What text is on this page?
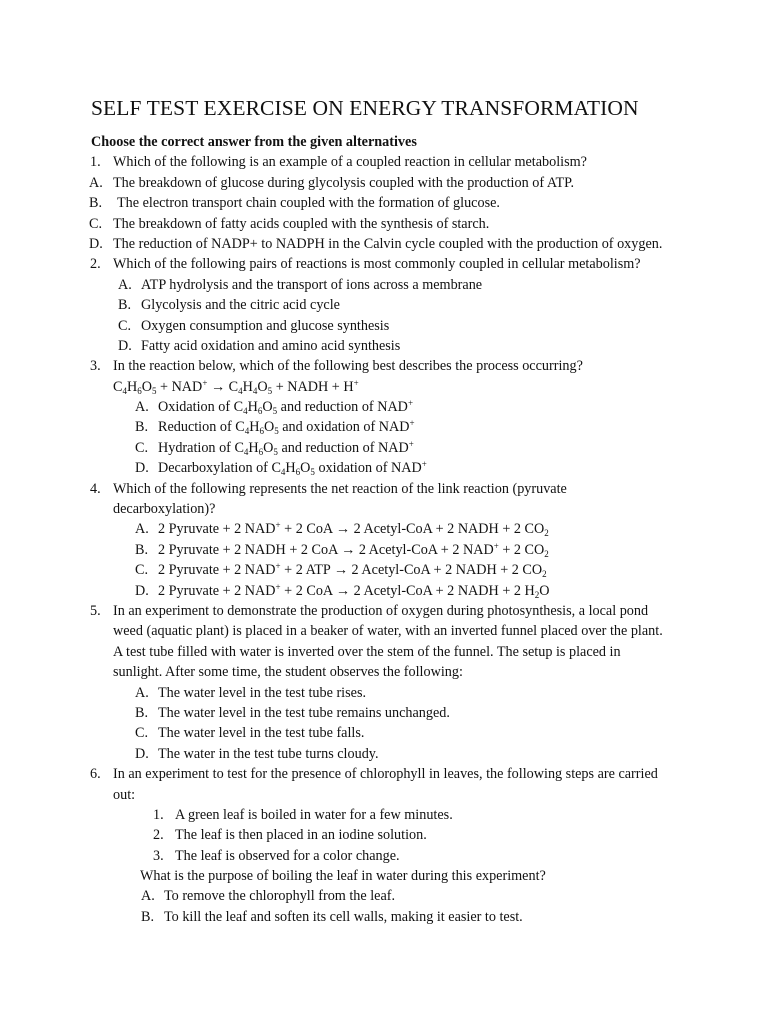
SELF TEST EXERCISE ON ENERGY TRANSFORMATION
Choose the correct answer from the given alternatives
1. Which of the following is an example of a coupled reaction in cellular metabolism?
A. The breakdown of glucose during glycolysis coupled with the production of ATP.
B. The electron transport chain coupled with the formation of glucose.
C. The breakdown of fatty acids coupled with the synthesis of starch.
D. The reduction of NADP+ to NADPH in the Calvin cycle coupled with the production of oxygen.
2. Which of the following pairs of reactions is most commonly coupled in cellular metabolism?
A. ATP hydrolysis and the transport of ions across a membrane
B. Glycolysis and the citric acid cycle
C. Oxygen consumption and glucose synthesis
D. Fatty acid oxidation and amino acid synthesis
3. In the reaction below, which of the following best describes the process occurring?
$C_4H_6O_5 + NAD^+ \to C_4H_4O_5$ + NADH + H+
A. Oxidation of $C_4H_6O_5$ and reduction of NAD+
B. Reduction of $C_4H_6O_5$ and oxidation of NAD+
C. Hydration of $C_4H_6O_5$ and reduction of NAD+
D. Decarboxylation of $C_4H_6O_5$ oxidation of NAD+
4. Which of the following represents the net reaction of the link reaction (pyruvate
decarboxylation)?
A. 2 Pyruvate + 2 NAD+ + 2 CoA → 2 Acetyl-CoA + 2 NADH + 2 $CO_2$
B. 2 Pyruvate + 2 NADH + 2 CoA → 2 Acetyl-CoA + 2 NAD+ + 2 $CO_2$
C. 2 Pyruvate + 2 NAD+ + 2 ATP → 2 Acetyl-CoA + 2 NADH + 2 $CO_2$
D. 2 Pyruvate + 2 NAD+ + 2 CoA → 2 Acetyl-CoA + 2 NADH + 2 $H_2O$
5. In an experiment to demonstrate the production of oxygen during photosynthesis, a local pond
weed (aquatic plant) is placed in a beaker of water, with an inverted funnel placed over the plant.
A test tube filled with water is inverted over the stem of the funnel. The setup is placed in
sunlight. After some time, the student observes the following:
A. The water level in the test tube rises.
B. The water level in the test tube remains unchanged.
C. The water level in the test tube falls.
D. The water in the test tube turns cloudy.
6. In an experiment to test for the presence of chlorophyll in leaves, the following steps are carried
out:
1. A green leaf is boiled in water for a few minutes.
2. The leaf is then placed in an iodine solution.
3. The leaf is observed for a color change.
What is the purpose of boiling the leaf in water during this experiment?
A. To remove the chlorophyll from the leaf.
B. To kill the leaf and soften its cell walls, making it easier to test.
